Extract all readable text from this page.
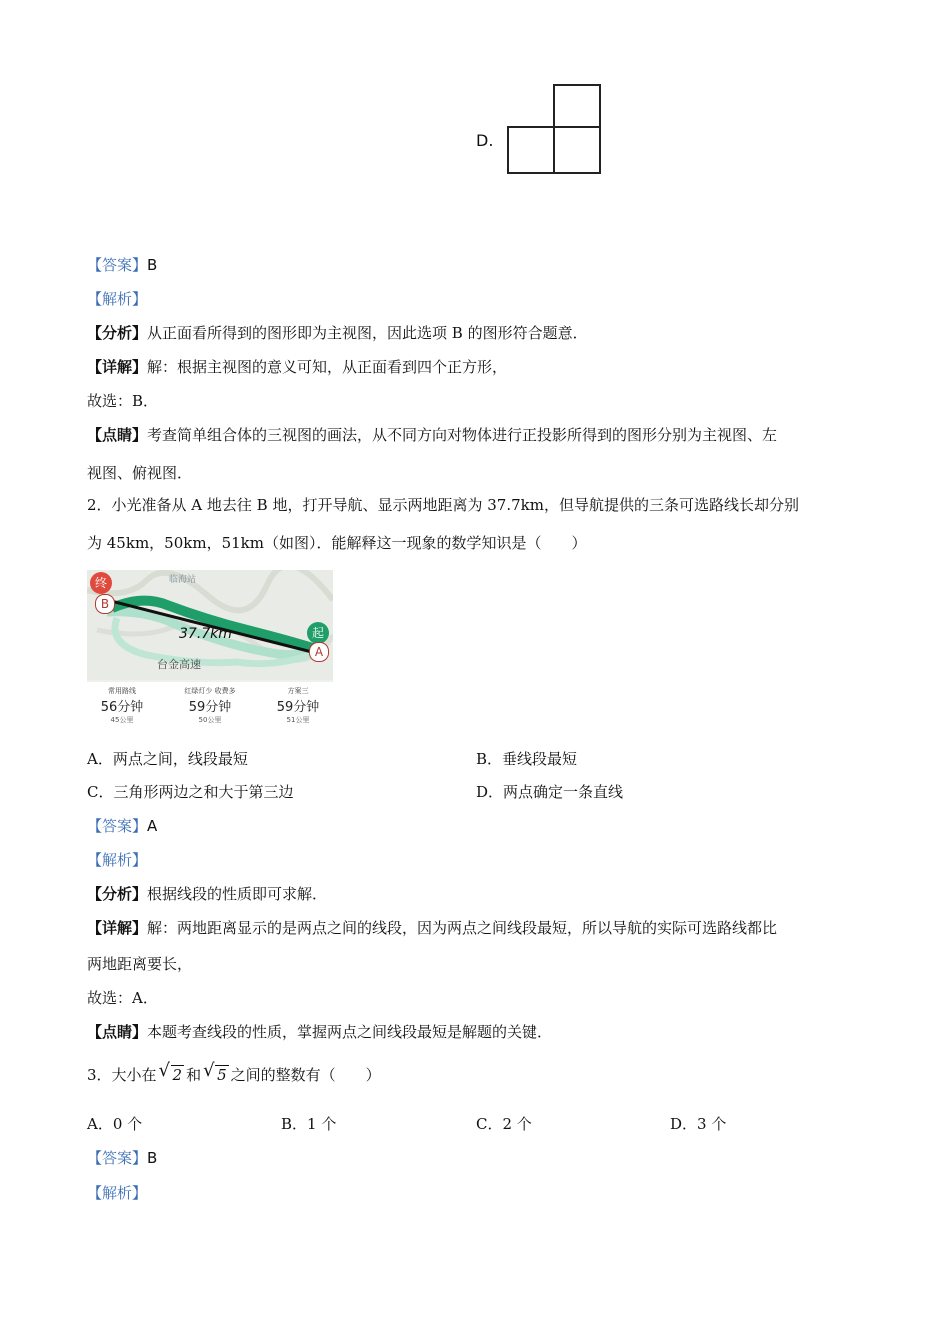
D.
【答案】B
【解析】
【分析】从正面看所得到的图形即为主视图，因此选项 B 的图形符合题意．
【详解】解：根据主视图的意义可知，从正面看到四个正方形，
故选：B．
【点睛】考查简单组合体的三视图的画法，从不同方向对物体进行正投影所得到的图形分别为主视图、左
视图、俯视图．
2．小光准备从 A 地去往 B 地，打开导航、显示两地距离为 37.7km，但导航提供的三条可选路线长却分别
为 45km，50km，51km（如图）．能解释这一现象的数学知识是（　　）
终
B
起
A
37.7km
临海站
台金高速
常用路线
56分钟
45公里
红绿灯少 收费多
59分钟
50公里
方案三
59分钟
51公里
A．两点之间，线段最短	B．垂线段最短
C．三角形两边之和大于第三边	D．两点确定一条直线
【答案】A
【解析】
【分析】根据线段的性质即可求解．
【详解】解：两地距离显示的是两点之间的线段，因为两点之间线段最短，所以导航的实际可选路线都比
两地距离要长，
故选：A．
【点睛】本题考查线段的性质，掌握两点之间线段最短是解题的关键．
3．大小在 √ 2 和 √ 5 之间的整数有（　　）
A．0 个	B．1 个	C．2 个	D．3 个
【答案】B
【解析】
